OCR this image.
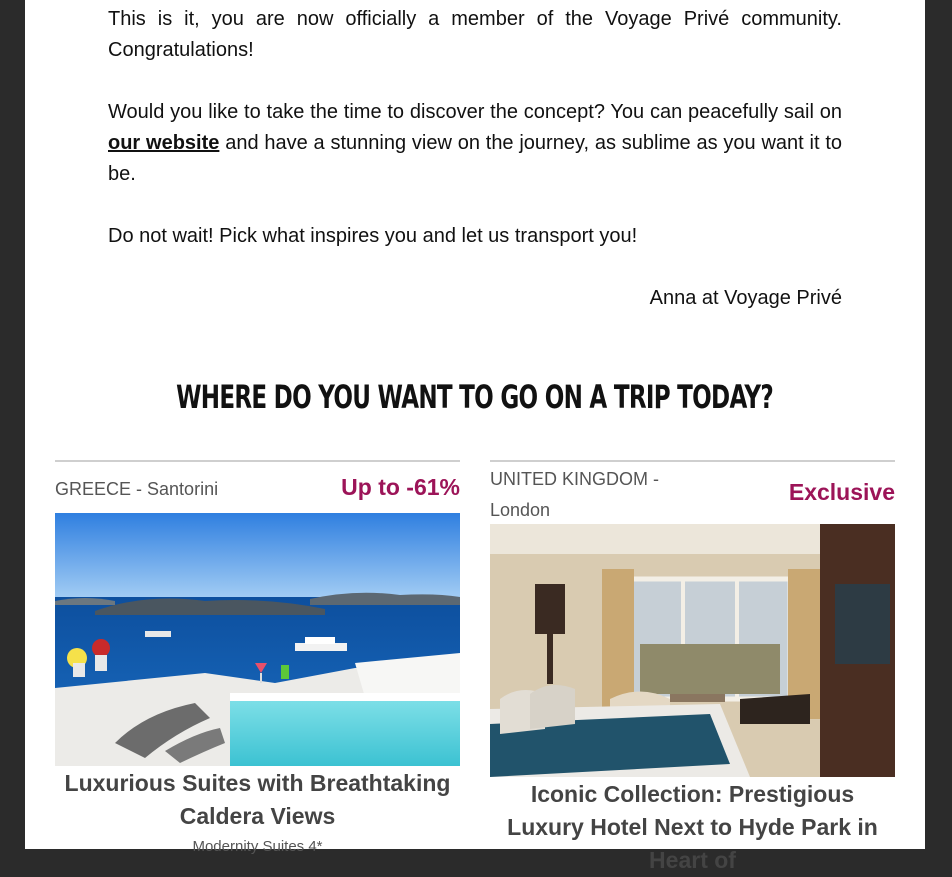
This is it, you are now officially a member of the Voyage Privé community. Congratulations!

Would you like to take the time to discover the concept? You can peacefully sail on our website and have a stunning view on the journey, as sublime as you want it to be.

Do not wait! Pick what inspires you and let us transport you!

Anna at Voyage Privé

WHERE DO YOU WANT TO GO ON A TRIP TODAY?
GREECE - Santorini	Up to -61%
Luxurious Suites with Breathtaking Caldera Views
Modernity Suites 4*
UNITED KINGDOM -
London
Exclusive
Iconic Collection: Prestigious Luxury Hotel Next to Hyde Park in Heart of
